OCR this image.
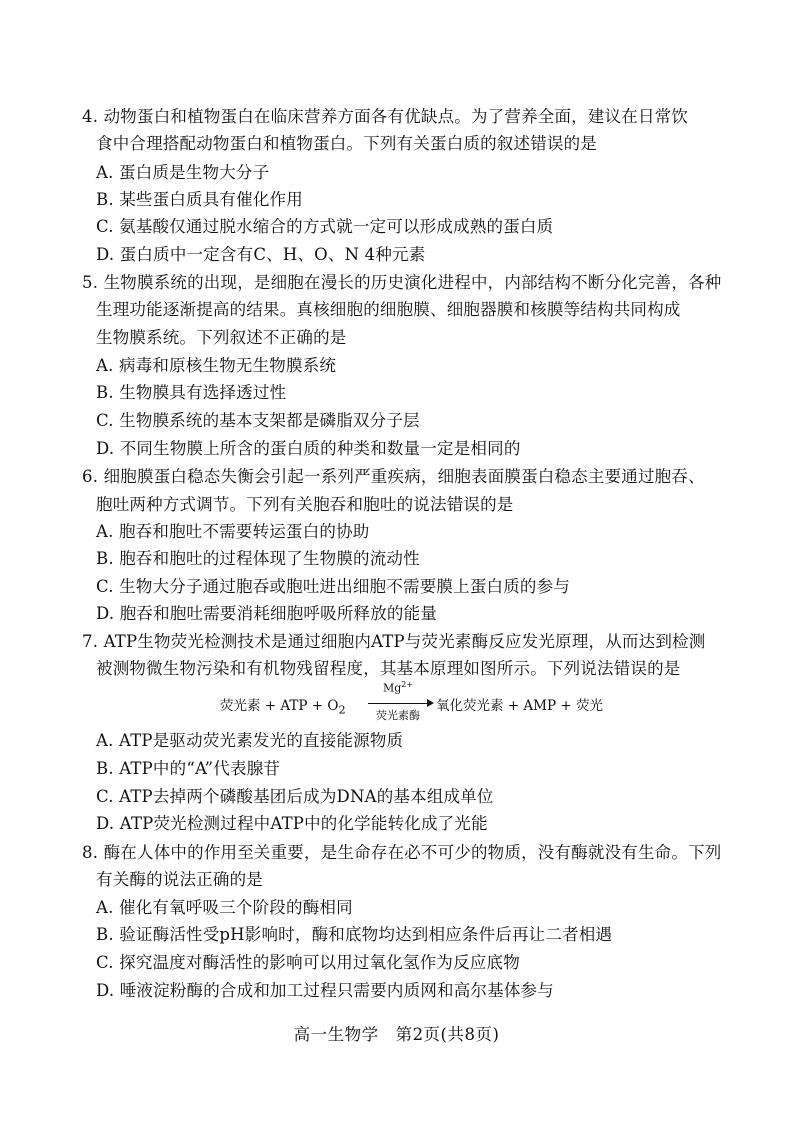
4. 动物蛋白和植物蛋白在临床营养方面各有优缺点。为了营养全面，建议在日常饮
食中合理搭配动物蛋白和植物蛋白。下列有关蛋白质的叙述错误的是
A. 蛋白质是生物大分子
B. 某些蛋白质具有催化作用
C. 氨基酸仅通过脱水缩合的方式就一定可以形成成熟的蛋白质
D. 蛋白质中一定含有C、H、O、N 4种元素
5. 生物膜系统的出现，是细胞在漫长的历史演化进程中，内部结构不断分化完善，各种
生理功能逐渐提高的结果。真核细胞的细胞膜、细胞器膜和核膜等结构共同构成
生物膜系统。下列叙述不正确的是
A. 病毒和原核生物无生物膜系统
B. 生物膜具有选择透过性
C. 生物膜系统的基本支架都是磷脂双分子层
D. 不同生物膜上所含的蛋白质的种类和数量一定是相同的
6. 细胞膜蛋白稳态失衡会引起一系列严重疾病，细胞表面膜蛋白稳态主要通过胞吞、
胞吐两种方式调节。下列有关胞吞和胞吐的说法错误的是
A. 胞吞和胞吐不需要转运蛋白的协助
B. 胞吞和胞吐的过程体现了生物膜的流动性
C. 生物大分子通过胞吞或胞吐进出细胞不需要膜上蛋白质的参与
D. 胞吞和胞吐需要消耗细胞呼吸所释放的能量
7. ATP生物荧光检测技术是通过细胞内ATP与荧光素酶反应发光原理，从而达到检测
被测物微生物污染和有机物残留程度，其基本原理如图所示。下列说法错误的是
荧光素 + ATP + $O_2$
$Mg^{2+}$
荧光素酶
氧化荧光素 + AMP + 荧光
A. ATP是驱动荧光素发光的直接能源物质
B. ATP中的“A”代表腺苷
C. ATP去掉两个磷酸基团后成为DNA的基本组成单位
D. ATP荧光检测过程中ATP中的化学能转化成了光能
8. 酶在人体中的作用至关重要，是生命存在必不可少的物质，没有酶就没有生命。下列
有关酶的说法正确的是
A. 催化有氧呼吸三个阶段的酶相同
B. 验证酶活性受pH影响时，酶和底物均达到相应条件后再让二者相遇
C. 探究温度对酶活性的影响可以用过氧化氢作为反应底物
D. 唾液淀粉酶的合成和加工过程只需要内质网和高尔基体参与
高一生物学　第2页(共8页)
